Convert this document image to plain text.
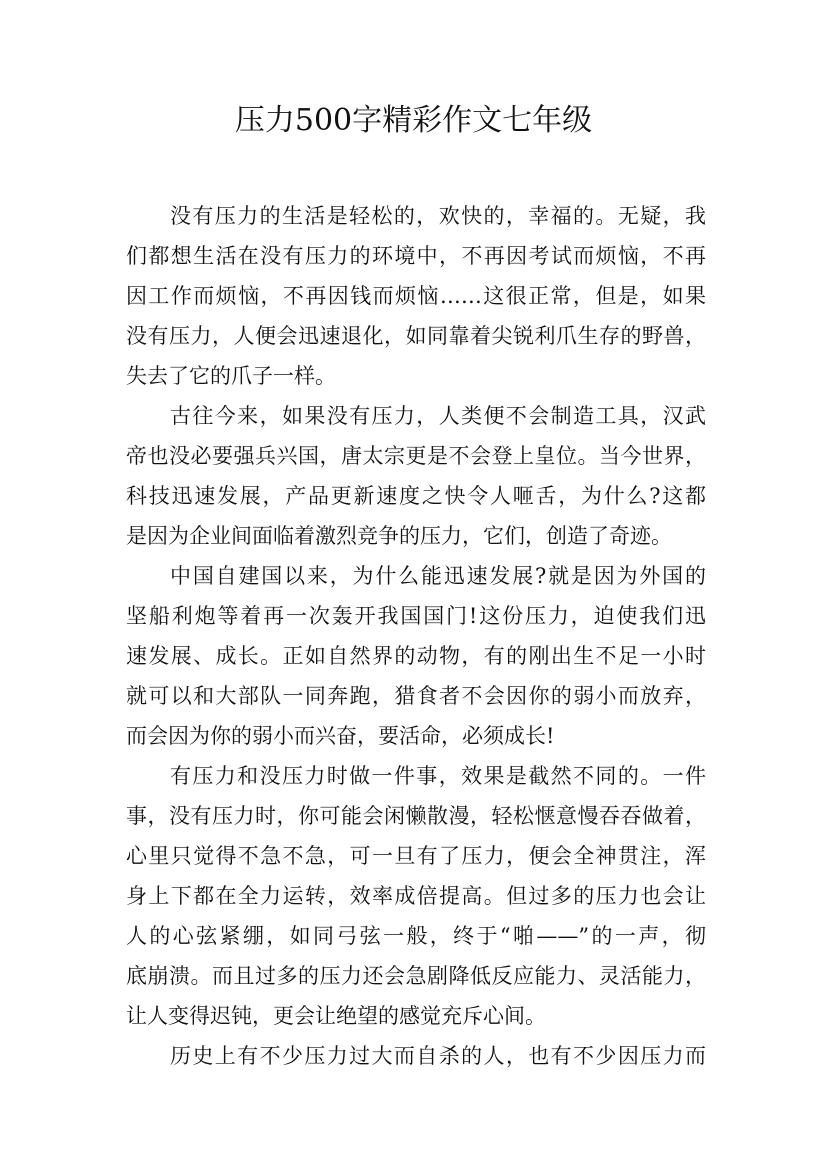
压力500字精彩作文七年级
没有压力的生活是轻松的，欢快的，幸福的。无疑，我
们都想生活在没有压力的环境中，不再因考试而烦恼，不再
因工作而烦恼，不再因钱而烦恼……这很正常，但是，如果
没有压力，人便会迅速退化，如同靠着尖锐利爪生存的野兽，
失去了它的爪子一样。
古往今来，如果没有压力，人类便不会制造工具，汉武
帝也没必要强兵兴国，唐太宗更是不会登上皇位。当今世界，
科技迅速发展，产品更新速度之快令人咂舌，为什么?这都
是因为企业间面临着激烈竞争的压力，它们，创造了奇迹。
中国自建国以来，为什么能迅速发展?就是因为外国的
坚船利炮等着再一次轰开我国国门!这份压力，迫使我们迅
速发展、成长。正如自然界的动物，有的刚出生不足一小时
就可以和大部队一同奔跑，猎食者不会因你的弱小而放弃，
而会因为你的弱小而兴奋，要活命，必须成长!
有压力和没压力时做一件事，效果是截然不同的。一件
事，没有压力时，你可能会闲懒散漫，轻松惬意慢吞吞做着，
心里只觉得不急不急，可一旦有了压力，便会全神贯注，浑
身上下都在全力运转，效率成倍提高。但过多的压力也会让
人的心弦紧绷，如同弓弦一般，终于“啪——”的一声，彻
底崩溃。而且过多的压力还会急剧降低反应能力、灵活能力，
让人变得迟钝，更会让绝望的感觉充斥心间。
历史上有不少压力过大而自杀的人，也有不少因压力而
